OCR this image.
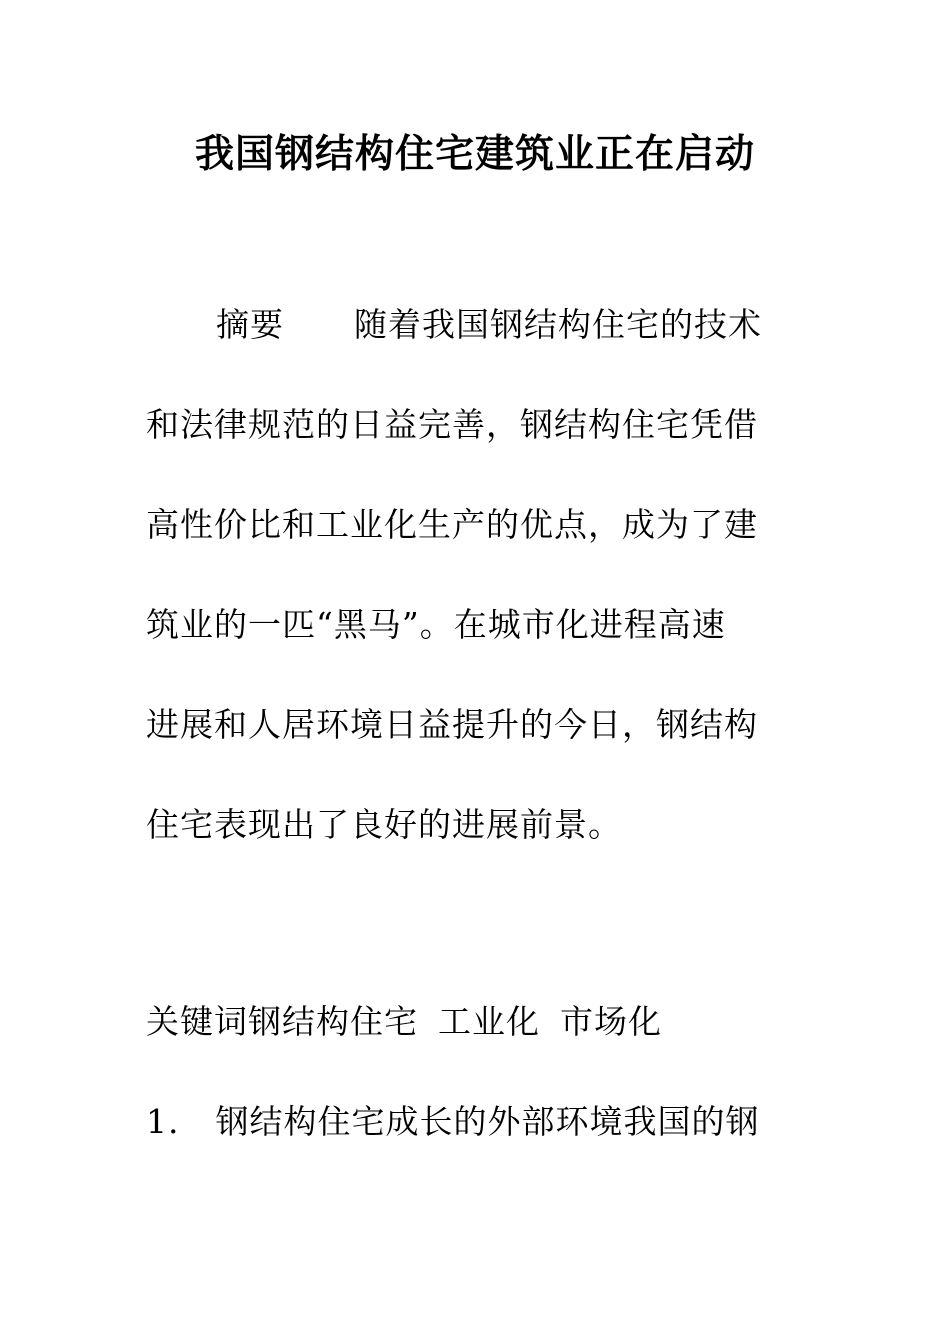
我国钢结构住宅建筑业正在启动
摘要 随着我国钢结构住宅的技术
和法律规范的日益完善，钢结构住宅凭借
高性价比和工业化生产的优点，成为了建
筑业的一匹“黑马”。在城市化进程高速
进展和人居环境日益提升的今日，钢结构
住宅表现出了良好的进展前景。
关键词钢结构住宅 工业化 市场化
1. 钢结构住宅成长的外部环境我国的钢
